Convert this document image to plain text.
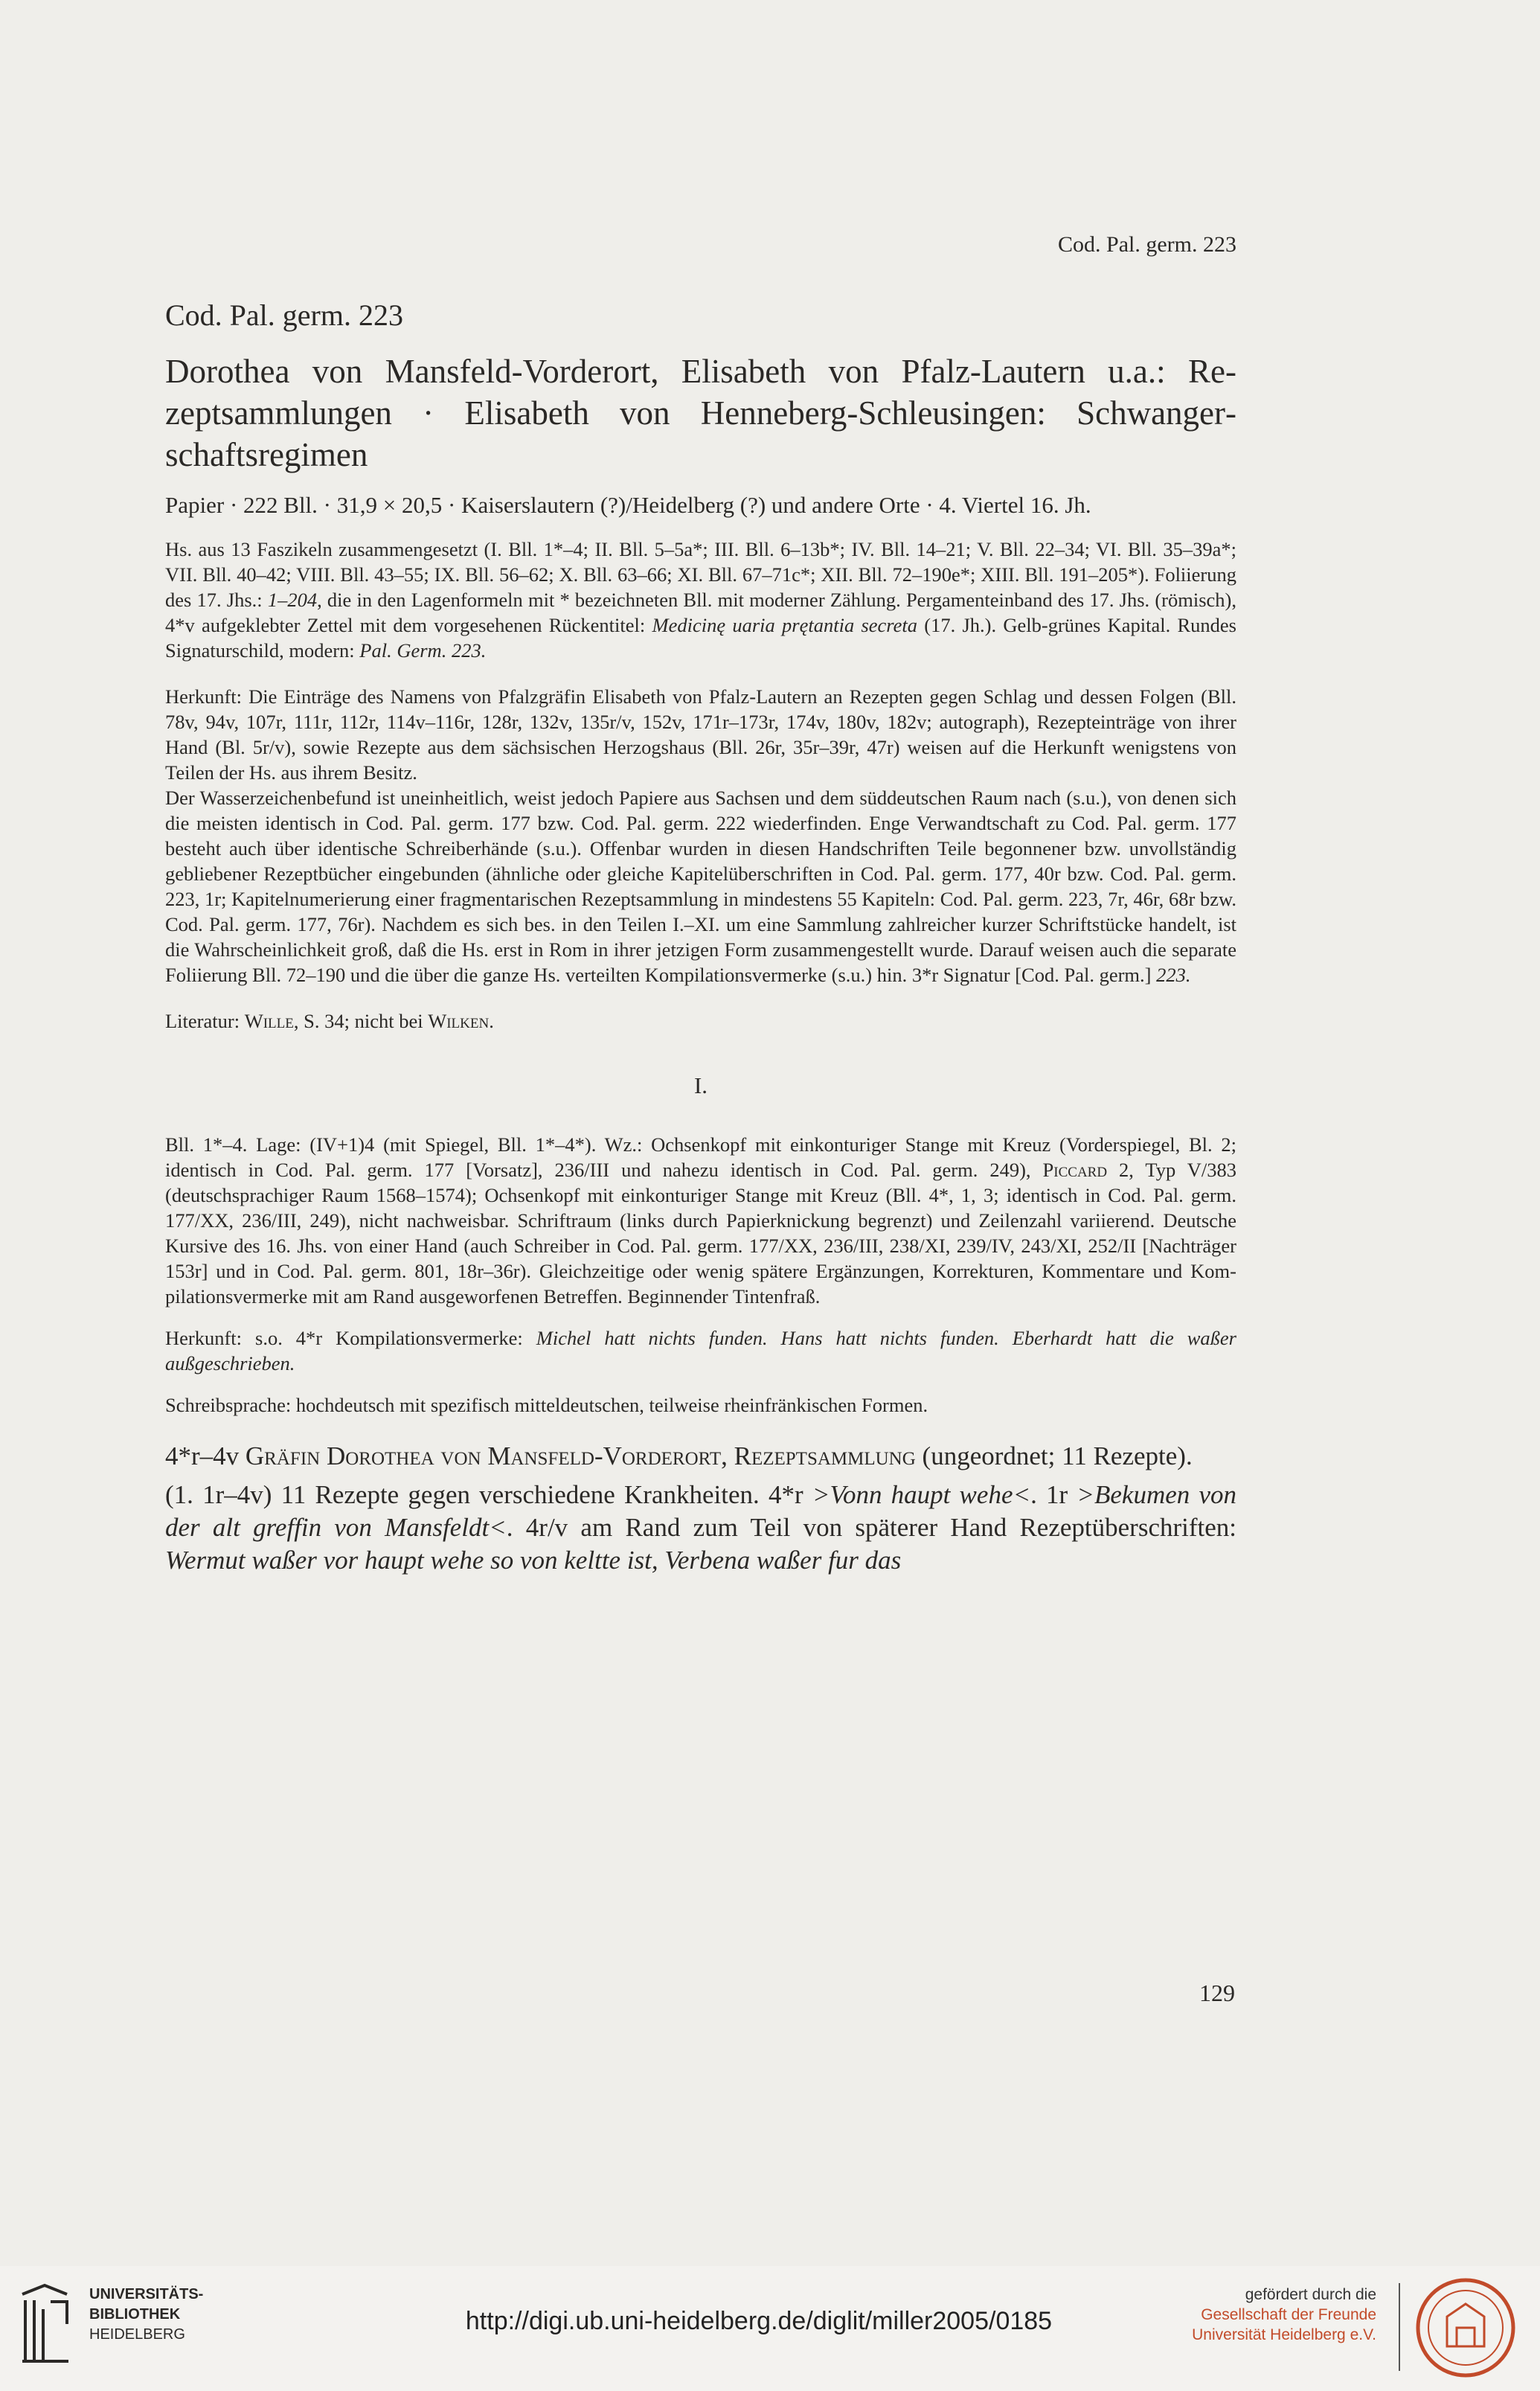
Cod. Pal. germ. 223

Cod. Pal. germ. 223

Dorothea von Mansfeld-Vorderort, Elisabeth von Pfalz-Lautern u.a.: Rezeptsammlungen · Elisabeth von Henneberg-Schleusingen: Schwangerschaftsregimen

Papier · 222 Bll. · 31,9 × 20,5 · Kaiserslautern (?)/Heidelberg (?) und andere Orte · 4. Viertel 16. Jh.

Hs. aus 13 Faszikeln zusammengesetzt (I. Bll. 1*–4; II. Bll. 5–5a*; III. Bll. 6–13b*; IV. Bll. 14–21; V. Bll. 22–34; VI. Bll. 35–39a*; VII. Bll. 40–42; VIII. Bll. 43–55; IX. Bll. 56–62; X. Bll. 63–66; XI. Bll. 67–71c*; XII. Bll. 72–190e*; XIII. Bll. 191–205*). Foliierung des 17. Jhs.: 1–204, die in den Lagenformeln mit * bezeichneten Bll. mit moderner Zählung. Pergamenteinband des 17. Jhs. (römisch), 4*v aufgeklebter Zettel mit dem vorgesehenen Rückentitel: Medicinę uaria prętantia secreta (17. Jh.). Gelb-grünes Kapital. Rundes Signaturschild, modern: Pal. Germ. 223.

Herkunft: Die Einträge des Namens von Pfalzgräfin Elisabeth von Pfalz-Lautern an Rezepten gegen Schlag und dessen Folgen (Bll. 78v, 94v, 107r, 111r, 112r, 114v–116r, 128r, 132v, 135r/v, 152v, 171r–173r, 174v, 180v, 182v; autograph), Rezepteinträge von ihrer Hand (Bl. 5r/v), sowie Rezepte aus dem sächsischen Herzogshaus (Bll. 26r, 35r–39r, 47r) weisen auf die Herkunft wenigstens von Teilen der Hs. aus ihrem Besitz.

Der Wasserzeichenbefund ist uneinheitlich, weist jedoch Papiere aus Sachsen und dem süddeutschen Raum nach (s.u.), von denen sich die meisten identisch in Cod. Pal. germ. 177 bzw. Cod. Pal. germ. 222 wiederfinden. Enge Verwandtschaft zu Cod. Pal. germ. 177 besteht auch über identische Schreiberhände (s.u.). Offenbar wurden in diesen Handschriften Teile begonnener bzw. unvollständig gebliebener Rezeptbücher eingebunden (ähnliche oder gleiche Kapitelüberschriften in Cod. Pal. germ. 177, 40r bzw. Cod. Pal. germ. 223, 1r; Kapitelnumerierung einer fragmentarischen Rezeptsammlung in mindestens 55 Kapiteln: Cod. Pal. germ. 223, 7r, 46r, 68r bzw. Cod. Pal. germ. 177, 76r). Nachdem es sich bes. in den Teilen I.–XI. um eine Sammlung zahlreicher kurzer Schriftstücke handelt, ist die Wahrscheinlichkeit groß, daß die Hs. erst in Rom in ihrer jetzigen Form zusammengestellt wurde. Darauf weisen auch die separate Foliierung Bll. 72–190 und die über die ganze Hs. verteilten Kompilationsvermerke (s.u.) hin. 3*r Signatur [Cod. Pal. germ.] 223.

Literatur: Wille, S. 34; nicht bei Wilken.

I.

Bll. 1*–4. Lage: (IV+1)4 (mit Spiegel, Bll. 1*–4*). Wz.: Ochsenkopf mit einkonturiger Stange mit Kreuz (Vorderspiegel, Bl. 2; identisch in Cod. Pal. germ. 177 [Vorsatz], 236/III und nahezu identisch in Cod. Pal. germ. 249), Piccard 2, Typ V/383 (deutschsprachiger Raum 1568–1574); Ochsenkopf mit einkonturiger Stange mit Kreuz (Bll. 4*, 1, 3; identisch in Cod. Pal. germ. 177/XX, 236/III, 249), nicht nachweisbar. Schriftraum (links durch Papierknickung begrenzt) und Zeilenzahl variierend. Deutsche Kursive des 16. Jhs. von einer Hand (auch Schreiber in Cod. Pal. germ. 177/XX, 236/III, 238/XI, 239/IV, 243/XI, 252/II [Nachträger 153r] und in Cod. Pal. germ. 801, 18r–36r). Gleichzeitige oder wenig spätere Ergänzungen, Korrekturen, Kommentare und Kompilationsvermerke mit am Rand ausgeworfenen Betreffen. Beginnender Tintenfraß.

Herkunft: s.o. 4*r Kompilationsvermerke: Michel hatt nichts funden. Hans hatt nichts funden. Eberhardt hatt die waßer außgeschrieben.

Schreibsprache: hochdeutsch mit spezifisch mitteldeutschen, teilweise rheinfränkischen Formen.

4*r–4v Gräfin Dorothea von Mansfeld-Vorderort, Rezeptsammlung (ungeordnet; 11 Rezepte).

(1. 1r–4v) 11 Rezepte gegen verschiedene Krankheiten. 4*r >Vonn haupt wehe<. 1r >Bekumen von der alt greffin von Mansfeldt<. 4r/v am Rand zum Teil von späterer Hand Rezeptüberschriften: Wermut waßer vor haupt wehe so von keltte ist, Verbena waßer fur das

129
UNIVERSITÄTS-
BIBLIOTHEK
HEIDELBERG	http://digi.ub.uni-heidelberg.de/diglit/miller2005/0185
gefördert durch die
Gesellschaft der Freunde
Universität Heidelberg e.V.
